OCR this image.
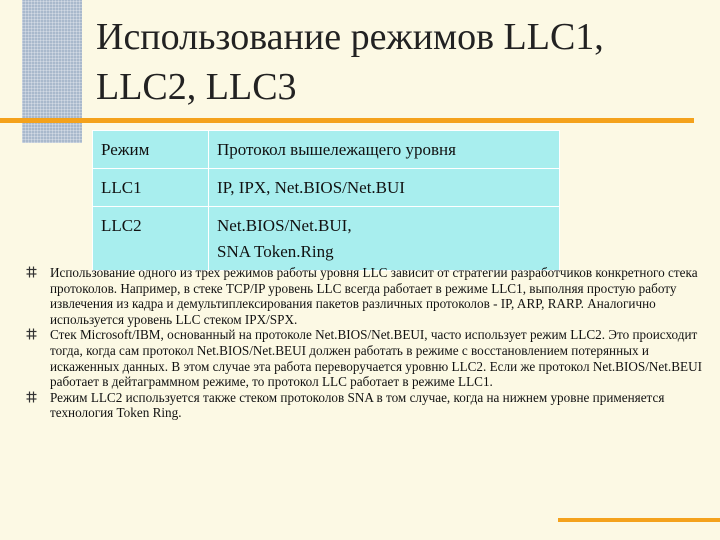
Использование режимов LLC1,
LLC2, LLC3
Режим	Протокол вышележащего уровня
LLC1	IP, IPX, Net.BIOS/Net.BUI

LLC2	Net.BIOS/Net.BUI,
SNA Token.Ring
Использование одного из трех режимов работы уровня LLC зависит от стратегии разработчиков конкретного стека протоколов. Например, в стеке TCP/IP уровень LLC всегда работает в режиме LLC1, выполняя простую работу извлечения из кадра и демультиплексирования пакетов различных протоколов - IP, ARP, RARP. Аналогично используется уровень LLC стеком IPX/SPX.
Стек Microsoft/IBM, основанный на протоколе Net.BIOS/Net.BEUI, часто использует режим LLC2. Это происходит тогда, когда сам протокол Net.BIOS/Net.BEUI должен работать в режиме с восстановлением потерянных и искаженных данных. В этом случае эта работа переворучается уровню LLC2. Если же протокол Net.BIOS/Net.BEUI работает в дейтаграммном режиме, то протокол LLC работает в режиме LLC1.
Режим LLC2 используется также стеком протоколов SNA в том случае, когда на нижнем уровне применяется технология Token Ring.
